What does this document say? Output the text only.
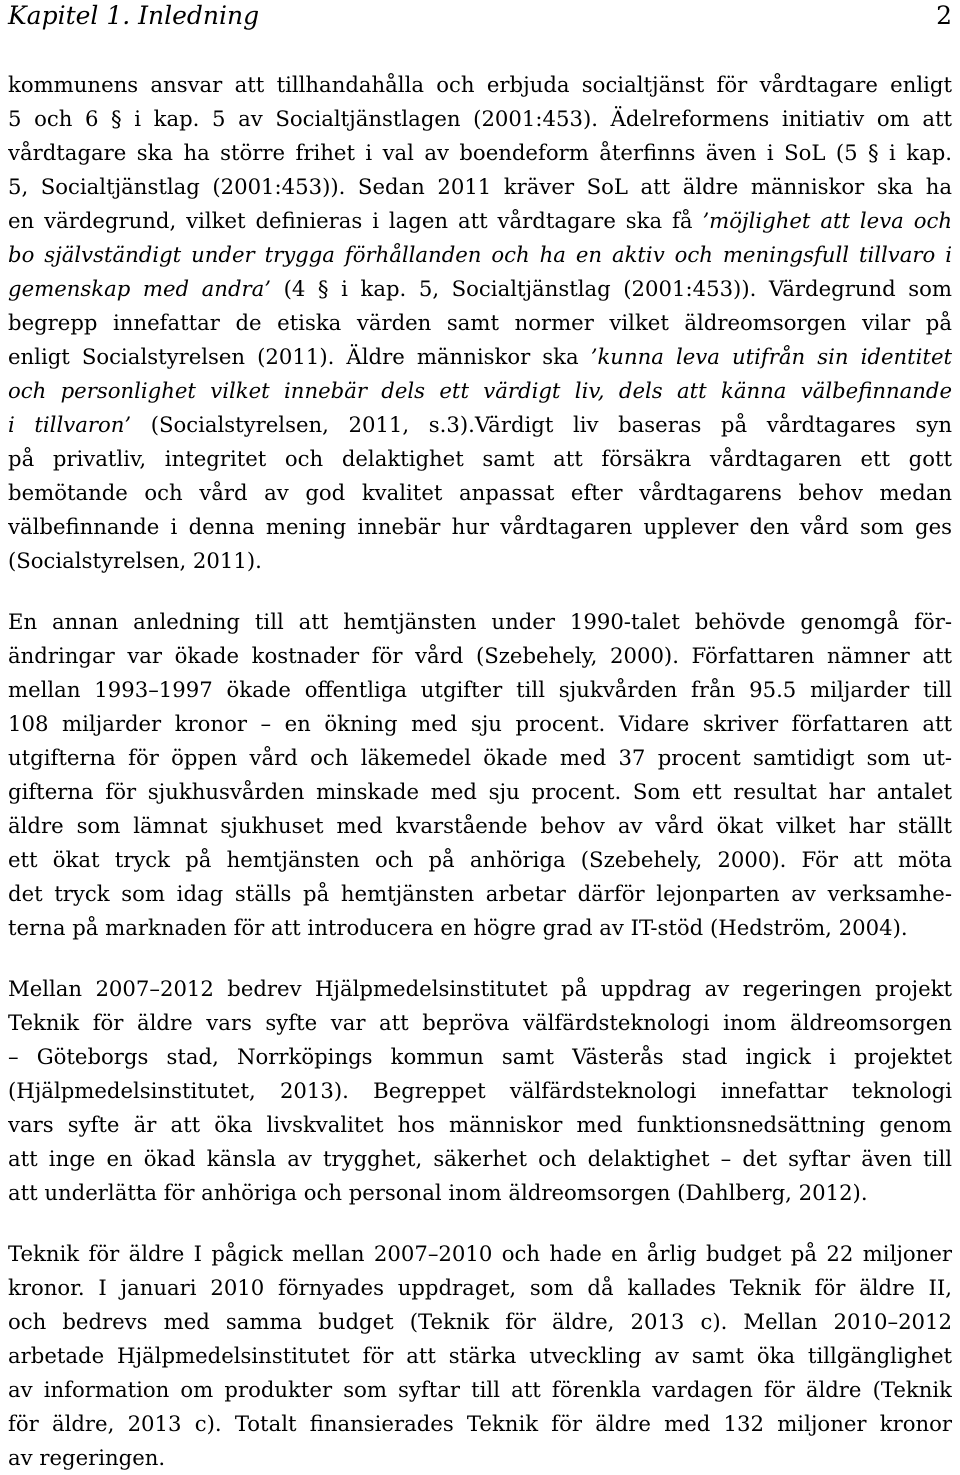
Kapitel 1. Inledning	2
kommunens ansvar att tillhandahålla och erbjuda socialtjänst för vårdtagare enligt
5 och 6 § i kap. 5 av Socialtjänstlagen (2001:453). Ädelreformens initiativ om att
vårdtagare ska ha större frihet i val av boendeform återfinns även i SoL (5 § i kap.
5, Socialtjänstlag (2001:453)). Sedan 2011 kräver SoL att äldre människor ska ha
en värdegrund, vilket definieras i lagen att vårdtagare ska få ’möjlighet att leva och
bo självständigt under trygga förhållanden och ha en aktiv och meningsfull tillvaro i
gemenskap med andra’ (4 § i kap. 5, Socialtjänstlag (2001:453)). Värdegrund som
begrepp innefattar de etiska värden samt normer vilket äldreomsorgen vilar på
enligt Socialstyrelsen (2011). Äldre människor ska ’kunna leva utifrån sin identitet
och personlighet vilket innebär dels ett värdigt liv, dels att känna välbefinnande
i tillvaron’ (Socialstyrelsen, 2011, s.3).Värdigt liv baseras på vårdtagares syn
på privatliv, integritet och delaktighet samt att försäkra vårdtagaren ett gott
bemötande och vård av god kvalitet anpassat efter vårdtagarens behov medan
välbefinnande i denna mening innebär hur vårdtagaren upplever den vård som ges
(Socialstyrelsen, 2011).
En annan anledning till att hemtjänsten under 1990-talet behövde genomgå för-
ändringar var ökade kostnader för vård (Szebehely, 2000). Författaren nämner att
mellan 1993–1997 ökade offentliga utgifter till sjukvården från 95.5 miljarder till
108 miljarder kronor – en ökning med sju procent. Vidare skriver författaren att
utgifterna för öppen vård och läkemedel ökade med 37 procent samtidigt som ut-
gifterna för sjukhusvården minskade med sju procent. Som ett resultat har antalet
äldre som lämnat sjukhuset med kvarstående behov av vård ökat vilket har ställt
ett ökat tryck på hemtjänsten och på anhöriga (Szebehely, 2000). För att möta
det tryck som idag ställs på hemtjänsten arbetar därför lejonparten av verksamhe-
terna på marknaden för att introducera en högre grad av IT-stöd (Hedström, 2004).
Mellan 2007–2012 bedrev Hjälpmedelsinstitutet på uppdrag av regeringen projekt
Teknik för äldre vars syfte var att bepröva välfärdsteknologi inom äldreomsorgen
– Göteborgs stad, Norrköpings kommun samt Västerås stad ingick i projektet
(Hjälpmedelsinstitutet, 2013). Begreppet välfärdsteknologi innefattar teknologi
vars syfte är att öka livskvalitet hos människor med funktionsnedsättning genom
att inge en ökad känsla av trygghet, säkerhet och delaktighet – det syftar även till
att underlätta för anhöriga och personal inom äldreomsorgen (Dahlberg, 2012).
Teknik för äldre I pågick mellan 2007–2010 och hade en årlig budget på 22 miljoner
kronor. I januari 2010 förnyades uppdraget, som då kallades Teknik för äldre II,
och bedrevs med samma budget (Teknik för äldre, 2013 c). Mellan 2010–2012
arbetade Hjälpmedelsinstitutet för att stärka utveckling av samt öka tillgänglighet
av information om produkter som syftar till att förenkla vardagen för äldre (Teknik
för äldre, 2013 c). Totalt finansierades Teknik för äldre med 132 miljoner kronor
av regeringen.
